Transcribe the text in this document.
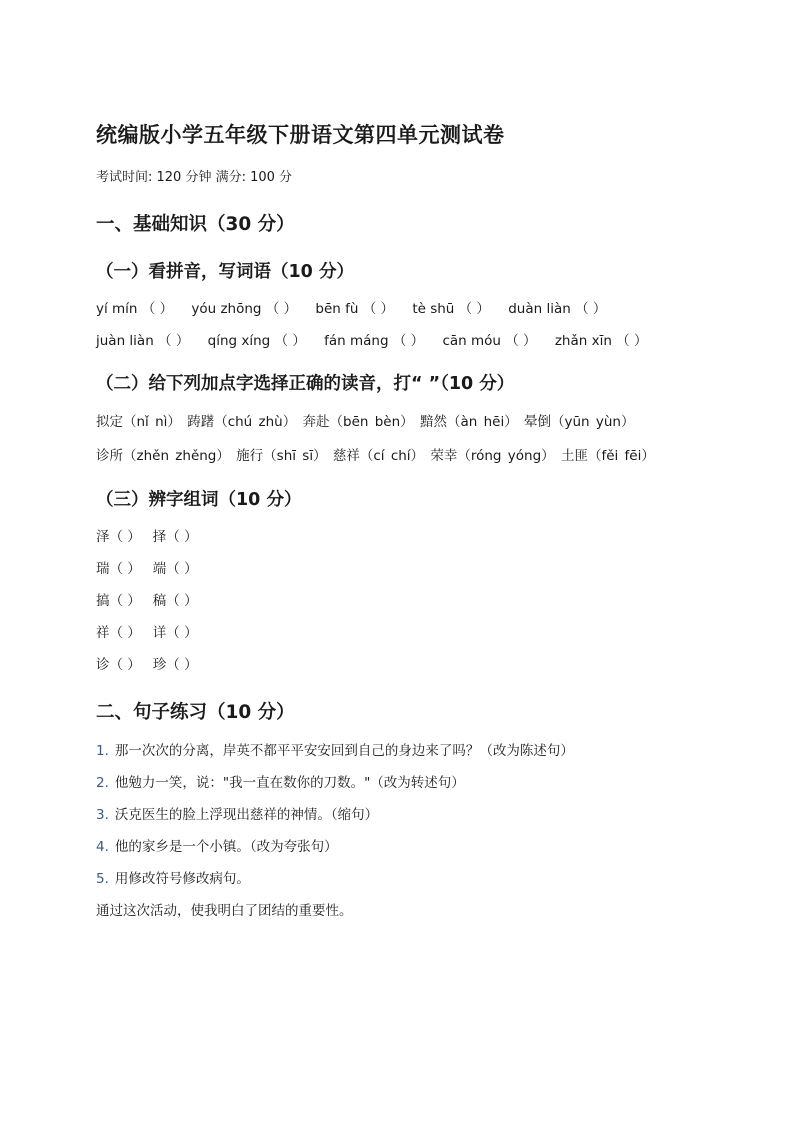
统编版小学五年级下册语文第四单元测试卷
考试时间: 120 分钟 满分: 100 分
一、基础知识（30 分）
（一）看拼音，写词语（10 分）
yí mín （ ） yóu zhōng （ ） bēn fù （ ） tè shū （ ） duàn liàn （ ）
juàn liàn （ ） qíng xíng （ ） fán máng （ ） cān móu （ ） zhǎn xīn （ ）
（二）给下列加点字选择正确的读音，打“ ”（10 分）
拟定（nǐ nì） 踌躇（chú zhù） 奔赴（bēn bèn） 黯然（àn hēi） 晕倒（yūn yùn）
诊所（zhěn zhěng） 施行（shī sī） 慈祥（cí chí） 荣幸（róng yóng） 土匪（fěi fēi）
（三）辨字组词（10 分）
泽（ ） 择（ ）
瑞（ ） 端（ ）
搞（ ） 稿（ ）
祥（ ） 详（ ）
诊（ ） 珍（ ）
二、句子练习（10 分）
1. 那一次次的分离，岸英不都平平安安回到自己的身边来了吗？（改为陈述句）
2. 他勉力一笑，说："我一直在数你的刀数。"（改为转述句）
3. 沃克医生的脸上浮现出慈祥的神情。（缩句）
4. 他的家乡是一个小镇。（改为夸张句）
5. 用修改符号修改病句。
通过这次活动，使我明白了团结的重要性。
